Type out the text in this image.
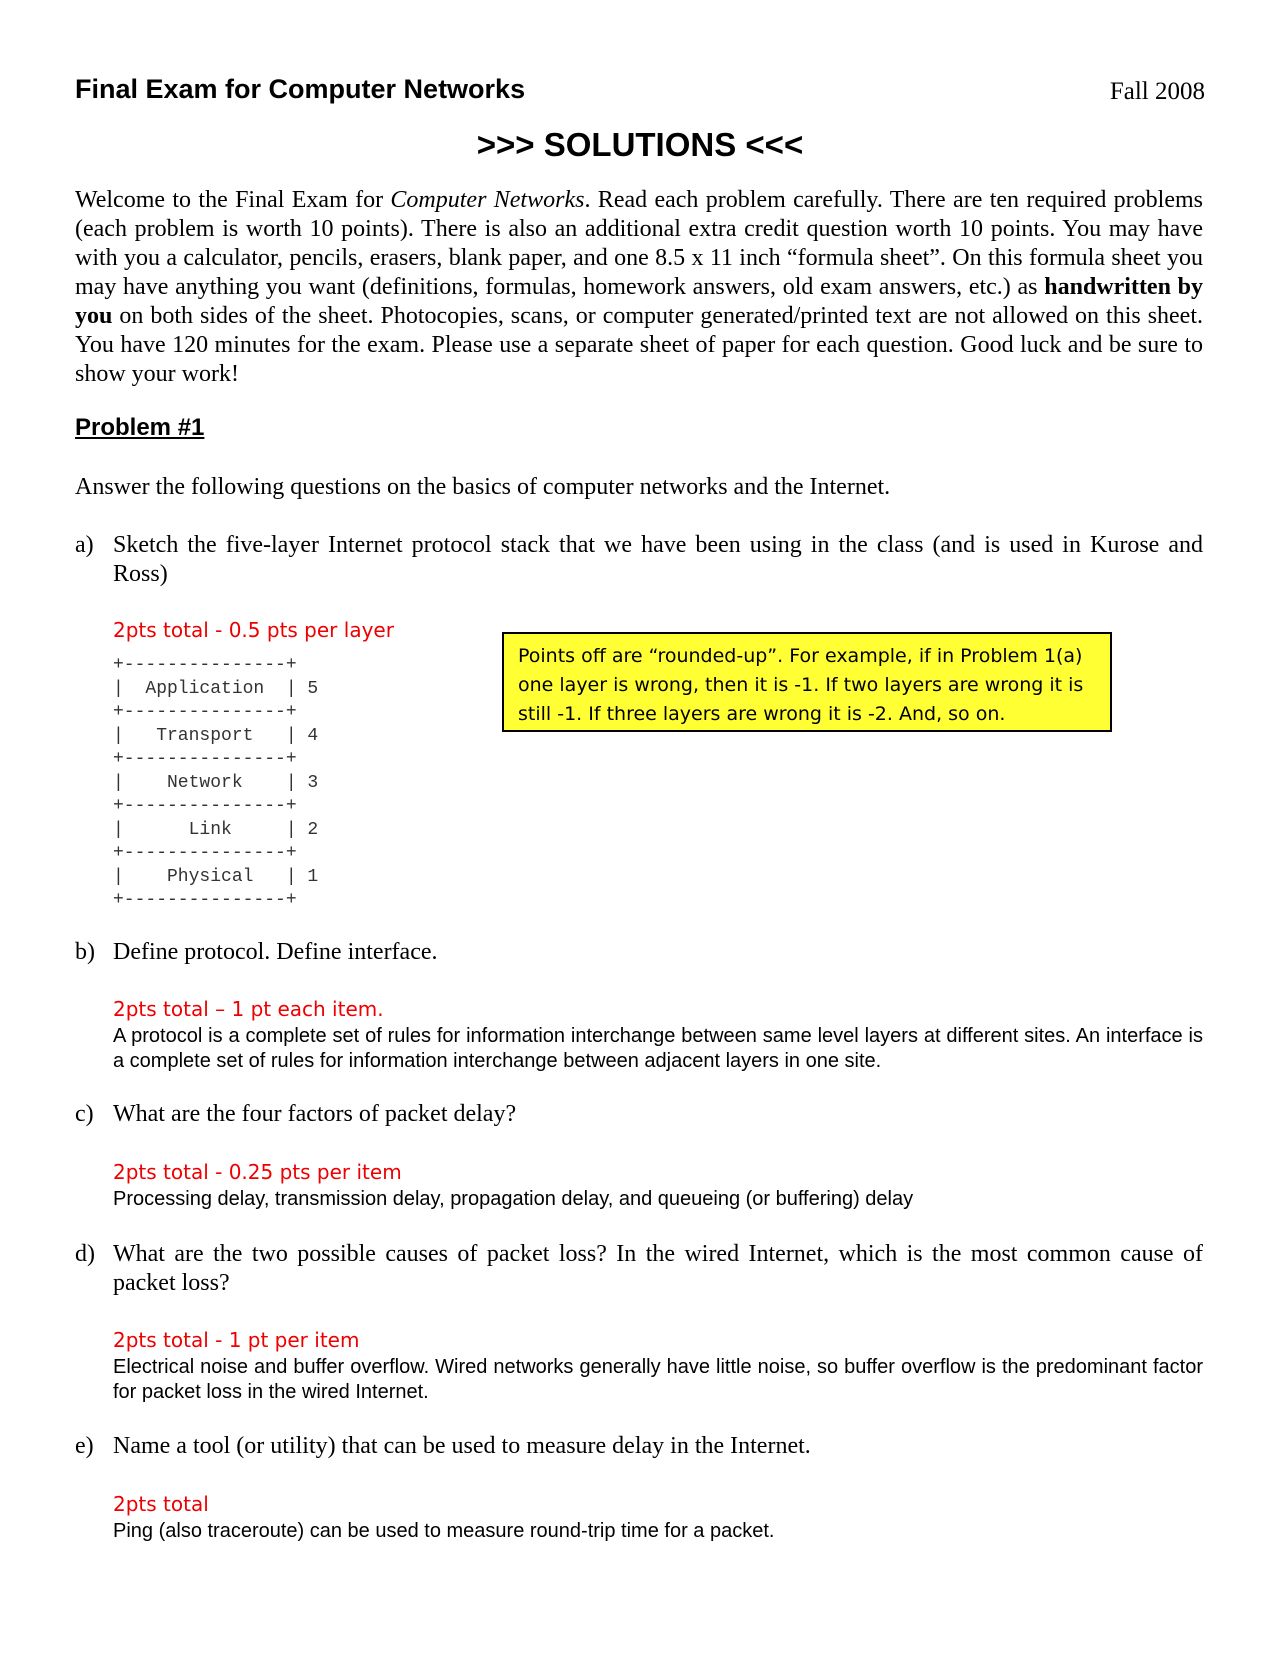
Final Exam for Computer Networks	Fall 2008
>>> SOLUTIONS <<<
Welcome to the Final Exam for Computer Networks. Read each problem carefully. There are ten required problems (each problem is worth 10 points). There is also an additional extra credit question worth 10 points. You may have with you a calculator, pencils, erasers, blank paper, and one 8.5 x 11 inch “formula sheet”. On this formula sheet you may have anything you want (definitions, formulas, homework answers, old exam answers, etc.) as handwritten by you on both sides of the sheet. Photocopies, scans, or computer generated/printed text are not allowed on this sheet. You have 120 minutes for the exam. Please use a separate sheet of paper for each question. Good luck and be sure to show your work!
Problem #1
Answer the following questions on the basics of computer networks and the Internet.
a) Sketch the five-layer Internet protocol stack that we have been using in the class (and is used in Kurose and Ross)
2pts total - 0.5 pts per layer
+---------------+
|  Application  | 5
+---------------+
|   Transport   | 4
+---------------+
|    Network    | 3
+---------------+
|      Link     | 2
+---------------+
|    Physical   | 1
+---------------+
Points off are “rounded-up”. For example, if in Problem 1(a) one layer is wrong, then it is -1. If two layers are wrong it is still -1. If three layers are wrong it is -2. And, so on.
b) Define protocol. Define interface.
2pts total – 1 pt each item.
A protocol is a complete set of rules for information interchange between same level layers at different sites. An interface is a complete set of rules for information interchange between adjacent layers in one site.
c) What are the four factors of packet delay?
2pts total - 0.25 pts per item
Processing delay, transmission delay, propagation delay, and queueing (or buffering) delay
d) What are the two possible causes of packet loss? In the wired Internet, which is the most common cause of packet loss?
2pts total - 1 pt per item
Electrical noise and buffer overflow. Wired networks generally have little noise, so buffer overflow is the predominant factor for packet loss in the wired Internet.
e) Name a tool (or utility) that can be used to measure delay in the Internet.
2pts total
Ping (also traceroute) can be used to measure round-trip time for a packet.
